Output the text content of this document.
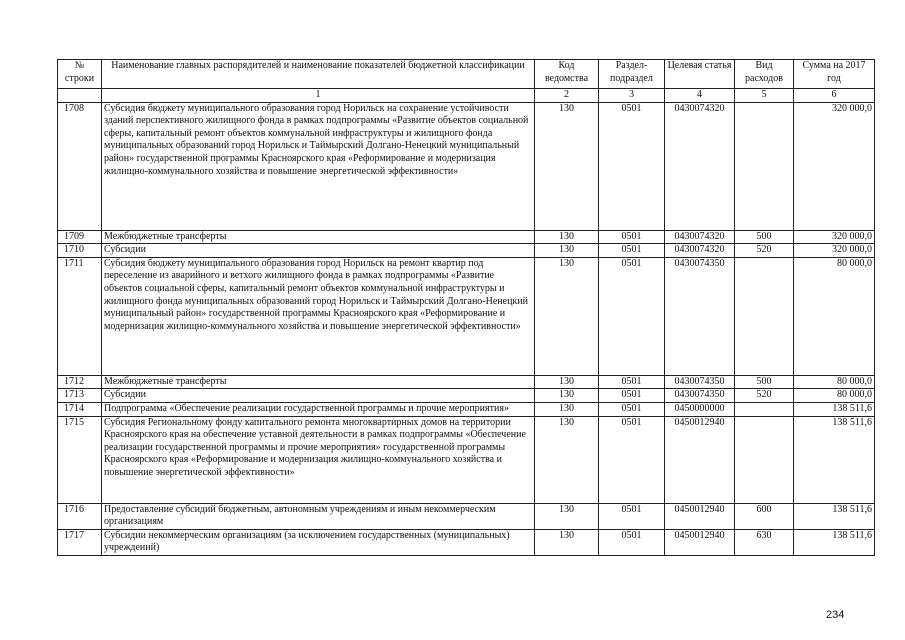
№ строки	Наименование главных распорядителей и наименование показателей бюджетной классификации	Код ведомства	Раздел-подраздел	Целевая статья	Вид расходов	Сумма на 2017 год
	1	2	3	4	5	6
1708	Субсидия бюджету муниципального образования город Норильск на сохранение устойчивости зданий перспективного жилищного фонда в рамках подпрограммы «Развитие объектов социальной сферы, капитальный ремонт объектов коммунальной инфраструктуры и жилищного фонда муниципальных образований город Норильск и Таймырский Долгано-Ненецкий муниципальный район» государственной программы Красноярского края «Реформирование и модернизация жилищно-коммунального хозяйства и повышение энергетической эффективности»	130	0501	0430074320		320 000,0
1709	Межбюджетные трансферты	130	0501	0430074320	500	320 000,0
1710	Субсидии	130	0501	0430074320	520	320 000,0
1711	Субсидия бюджету муниципального образования город Норильск на ремонт квартир под переселение из аварийного и ветхого жилищного фонда в рамках подпрограммы «Развитие объектов социальной сферы, капитальный ремонт объектов коммунальной инфраструктуры и жилищного фонда муниципальных образований город Норильск и Таймырский Долгано-Ненецкий муниципальный район» государственной программы Красноярского края «Реформирование и модернизация жилищно-коммунального хозяйства и повышение энергетической эффективности»	130	0501	0430074350		80 000,0
1712	Межбюджетные трансферты	130	0501	0430074350	500	80 000,0
1713	Субсидии	130	0501	0430074350	520	80 000,0
1714	Подпрограмма «Обеспечение реализации государственной программы и прочие мероприятия»	130	0501	0450000000		138 511,6
1715	Субсидия Региональному фонду капитального ремонта многоквартирных домов на территории Красноярского края на обеспечение уставной деятельности в рамках подпрограммы «Обеспечение реализации государственной программы и прочие мероприятия» государственной программы Красноярского края «Реформирование и модернизация жилищно-коммунального хозяйства и повышение энергетической эффективности»	130	0501	0450012940		138 511,6
1716	Предоставление субсидий бюджетным, автономным учреждениям и иным некоммерческим организациям	130	0501	0450012940	600	138 511,6
1717	Субсидии некоммерческим организациям (за исключением государственных (муниципальных) учреждений)	130	0501	0450012940	630	138 511,6
234
